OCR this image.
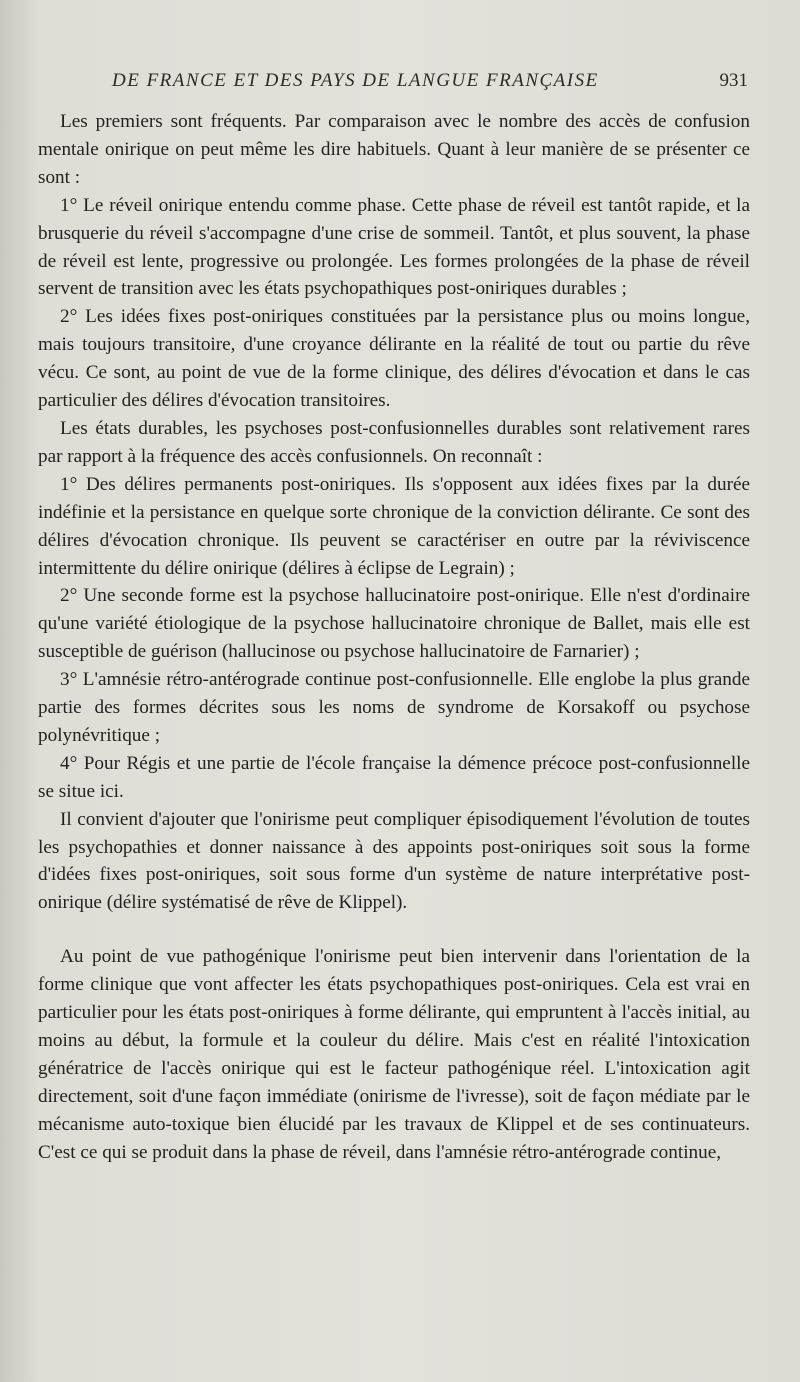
DE FRANCE ET DES PAYS DE LANGUE FRANÇAISE	931

Les premiers sont fréquents. Par comparaison avec le nombre des accès de confusion mentale onirique on peut même les dire habituels. Quant à leur manière de se présenter ce sont :

1° Le réveil onirique entendu comme phase. Cette phase de réveil est tantôt rapide, et la brusquerie du réveil s'accompagne d'une crise de sommeil. Tantôt, et plus souvent, la phase de réveil est lente, progressive ou prolongée. Les formes prolongées de la phase de réveil servent de transition avec les états psychopathiques post-oniriques durables ;

2° Les idées fixes post-oniriques constituées par la persistance plus ou moins longue, mais toujours transitoire, d'une croyance délirante en la réalité de tout ou partie du rêve vécu. Ce sont, au point de vue de la forme clinique, des délires d'évocation et dans le cas particulier des délires d'évocation transitoires.

Les états durables, les psychoses post-confusionnelles durables sont relativement rares par rapport à la fréquence des accès confusionnels. On reconnaît :

1° Des délires permanents post-oniriques. Ils s'opposent aux idées fixes par la durée indéfinie et la persistance en quelque sorte chronique de la conviction délirante. Ce sont des délires d'évocation chronique. Ils peuvent se caractériser en outre par la réviviscence intermittente du délire onirique (délires à éclipse de Legrain) ;

2° Une seconde forme est la psychose hallucinatoire post-onirique. Elle n'est d'ordinaire qu'une variété étiologique de la psychose hallucinatoire chronique de Ballet, mais elle est susceptible de guérison (hallucinose ou psychose hallucinatoire de Farnarier) ;

3° L'amnésie rétro-antérograde continue post-confusionnelle. Elle englobe la plus grande partie des formes décrites sous les noms de syndrome de Korsakoff ou psychose polynévritique ;

4° Pour Régis et une partie de l'école française la démence précoce post-confusionnelle se situe ici.

Il convient d'ajouter que l'onirisme peut compliquer épisodiquement l'évolution de toutes les psychopathies et donner naissance à des appoints post-oniriques soit sous la forme d'idées fixes post-oniriques, soit sous forme d'un système de nature interprétative post-onirique (délire systématisé de rêve de Klippel).

Au point de vue pathogénique l'onirisme peut bien intervenir dans l'orientation de la forme clinique que vont affecter les états psychopathiques post-oniriques. Cela est vrai en particulier pour les états post-oniriques à forme délirante, qui empruntent à l'accès initial, au moins au début, la formule et la couleur du délire. Mais c'est en réalité l'intoxication génératrice de l'accès onirique qui est le facteur pathogénique réel. L'intoxication agit directement, soit d'une façon immédiate (onirisme de l'ivresse), soit de façon médiate par le mécanisme auto-toxique bien élucidé par les travaux de Klippel et de ses continuateurs. C'est ce qui se produit dans la phase de réveil, dans l'amnésie rétro-antérograde continue,
